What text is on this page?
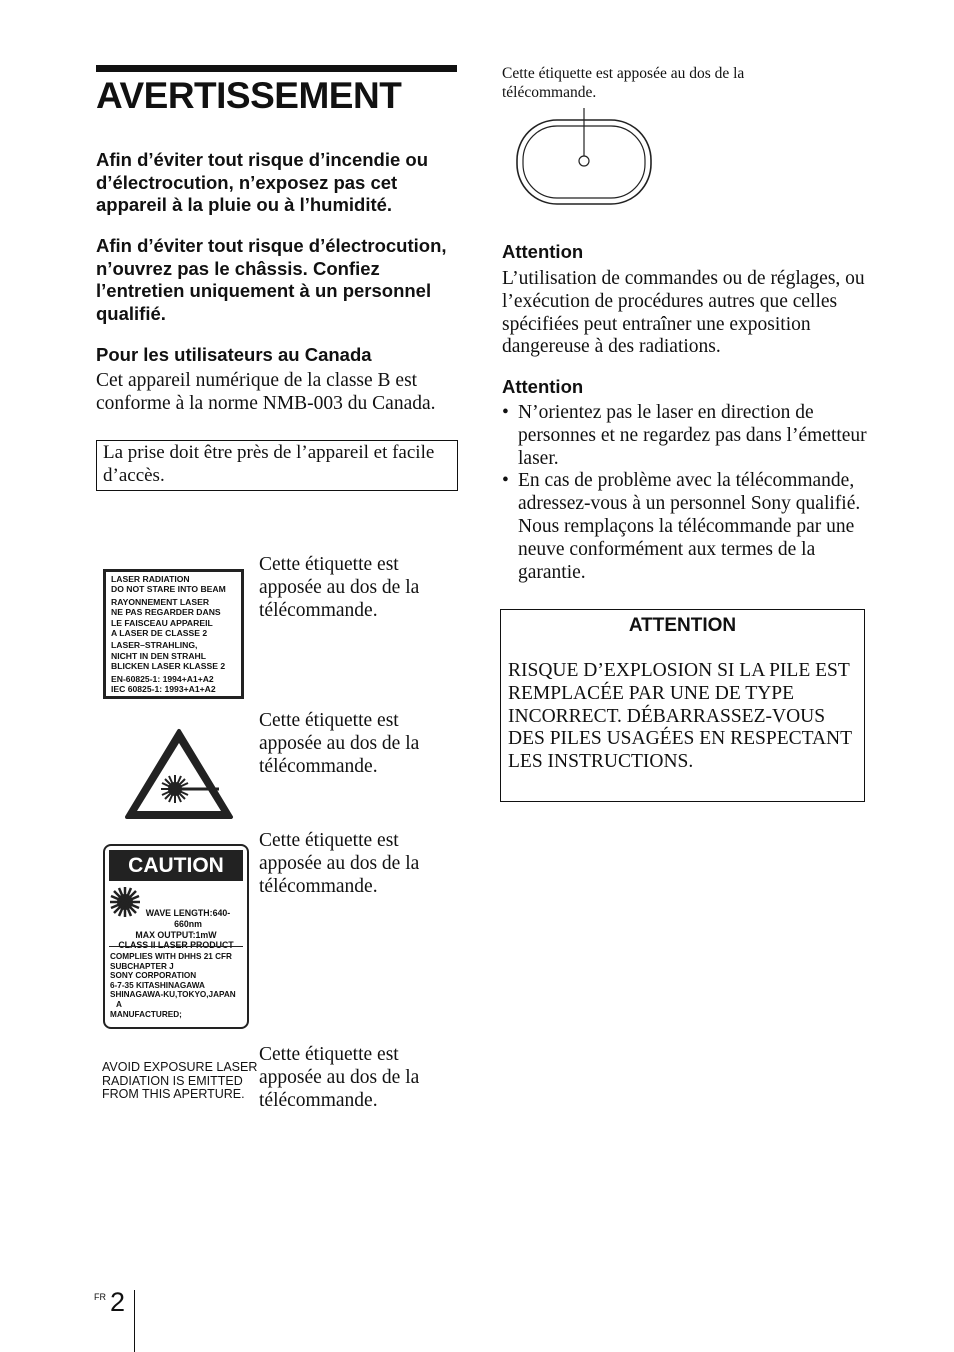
AVERTISSEMENT

Afin d’éviter tout risque d’incendie ou d’électrocution, n’exposez pas cet appareil à la pluie ou à l’humidité.

Afin d’éviter tout risque d’électrocution, n’ouvrez pas le châssis. Confiez l’entretien uniquement à un personnel qualifié.

Pour les utilisateurs au Canada

Cet appareil numérique de la classe B est conforme à la norme NMB-003 du Canada.

La prise doit être près de l’appareil et facile d’accès.
LASER RADIATION
DO NOT STARE INTO BEAM
RAYONNEMENT LASER
NE PAS REGARDER DANS
LE FAISCEAU APPAREIL
A LASER DE CLASSE 2
LASER–STRAHLING,
NICHT IN DEN STRAHL
BLICKEN LASER KLASSE 2
EN-60825-1: 1994+A1+A2
IEC 60825-1: 1993+A1+A2

Cette étiquette est apposée au dos de la télécommande.

Cette étiquette est apposée au dos de la télécommande.

CAUTION
WAVE LENGTH:640-660nm
MAX OUTPUT:1mW
COMPLIES WITH DHHS 21 CFR
SUBCHAPTER J
SONY CORPORATION
6-7-35 KITASHINAGAWA
SHINAGAWA-KU,TOKYO,JAPAN
A
MANUFACTURED;

Cette étiquette est apposée au dos de la télécommande.

AVOID EXPOSURE LASER
RADIATION IS EMITTED
FROM THIS APERTURE.

Cette étiquette est apposée au dos de la télécommande.

Cette étiquette est apposée au dos de la télécommande.

Attention

L’utilisation de commandes ou de réglages, ou l’exécution de procédures autres que celles spécifiées peut entraîner une exposition dangereuse à des radiations.

Attention
• N’orientez pas le laser en direction de personnes et ne regardez pas dans l’émetteur laser.
• En cas de problème avec la télécommande, adressez-vous à un personnel Sony qualifié. Nous remplaçons la télécommande par une neuve conformément aux termes de la garantie.
ATTENTION
RISQUE D’EXPLOSION SI LA PILE EST REMPLACÉE PAR UNE DE TYPE INCORRECT. DÉBARRASSEZ-VOUS DES PILES USAGÉES EN RESPECTANT LES INSTRUCTIONS.
FR 2
